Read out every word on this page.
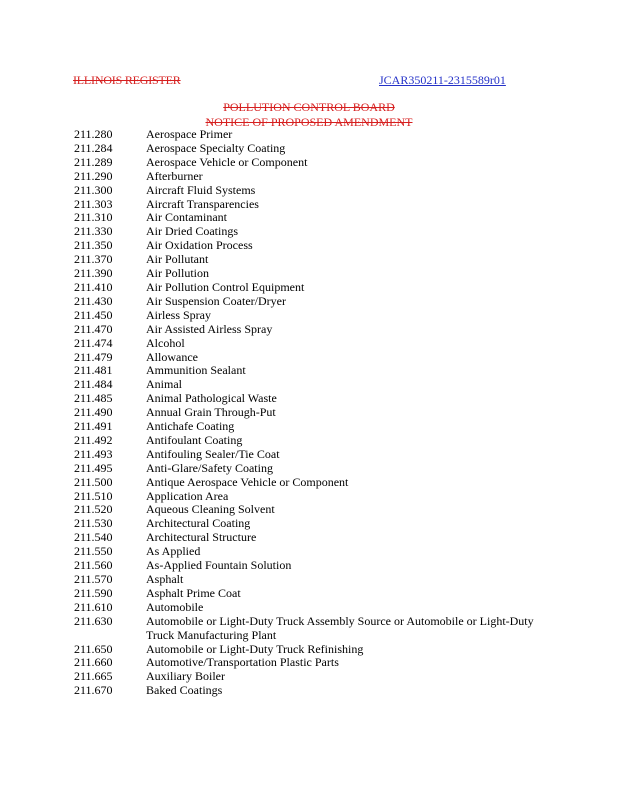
ILLINOIS REGISTER	JCAR350211-2315589r01
POLLUTION CONTROL BOARD
NOTICE OF PROPOSED AMENDMENT
211.280	Aerospace Primer
211.284	Aerospace Specialty Coating
211.289	Aerospace Vehicle or Component
211.290	Afterburner
211.300	Aircraft Fluid Systems
211.303	Aircraft Transparencies
211.310	Air Contaminant
211.330	Air Dried Coatings
211.350	Air Oxidation Process
211.370	Air Pollutant
211.390	Air Pollution
211.410	Air Pollution Control Equipment
211.430	Air Suspension Coater/Dryer
211.450	Airless Spray
211.470	Air Assisted Airless Spray
211.474	Alcohol
211.479	Allowance
211.481	Ammunition Sealant
211.484	Animal
211.485	Animal Pathological Waste
211.490	Annual Grain Through-Put
211.491	Antichafe Coating
211.492	Antifoulant Coating
211.493	Antifouling Sealer/Tie Coat
211.495	Anti-Glare/Safety Coating
211.500	Antique Aerospace Vehicle or Component
211.510	Application Area
211.520	Aqueous Cleaning Solvent
211.530	Architectural Coating
211.540	Architectural Structure
211.550	As Applied
211.560	As-Applied Fountain Solution
211.570	Asphalt
211.590	Asphalt Prime Coat
211.610	Automobile
211.630	Automobile or Light-Duty Truck Assembly Source or Automobile or Light-Duty Truck Manufacturing Plant
211.650	Automobile or Light-Duty Truck Refinishing
211.660	Automotive/Transportation Plastic Parts
211.665	Auxiliary Boiler
211.670	Baked Coatings
